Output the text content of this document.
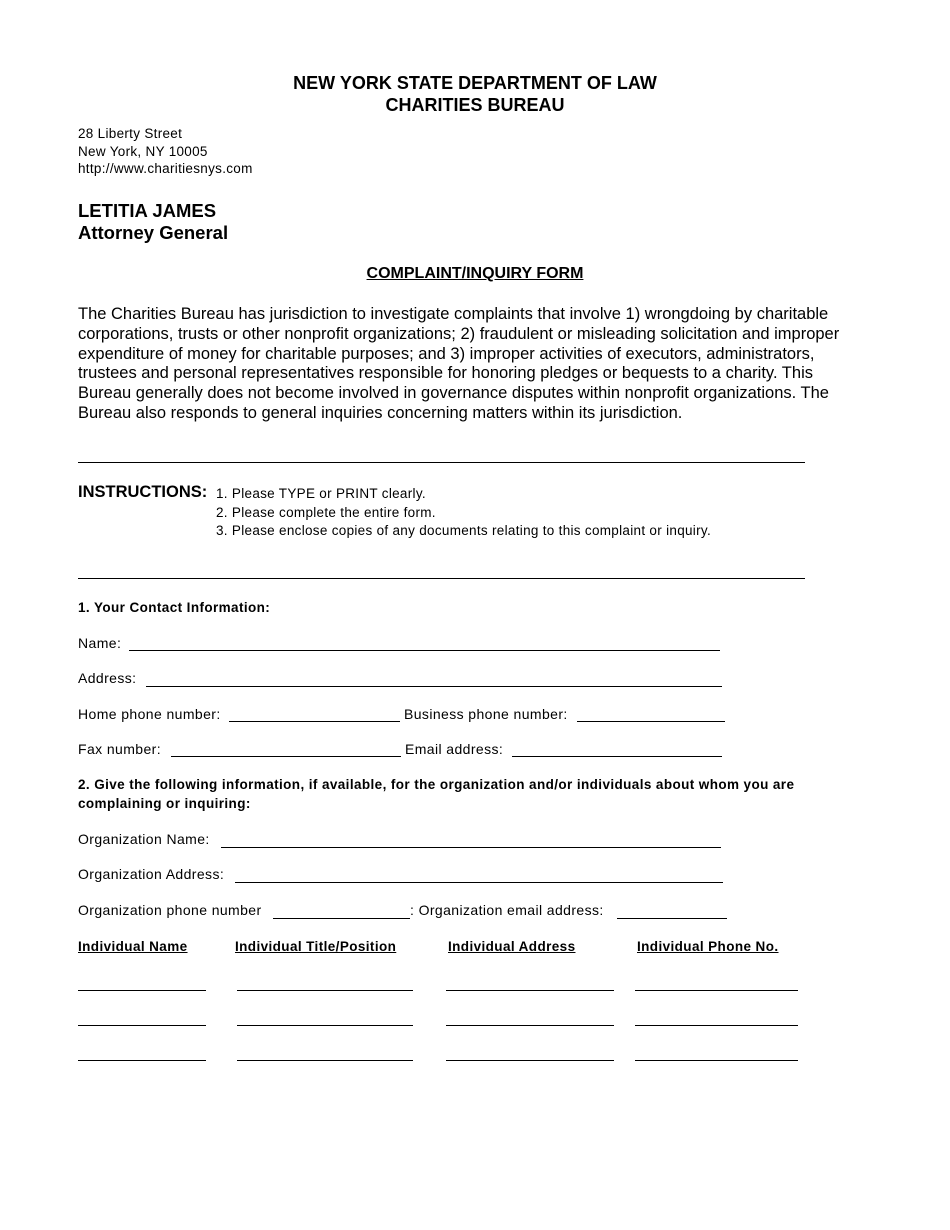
NEW YORK STATE DEPARTMENT OF LAW
CHARITIES BUREAU
28 Liberty Street
New York, NY 10005
http://www.charitiesnys.com
LETITIA JAMES
Attorney General
COMPLAINT/INQUIRY FORM
The Charities Bureau has jurisdiction to investigate complaints that involve 1) wrongdoing by charitable
corporations, trusts or other nonprofit organizations; 2) fraudulent or misleading solicitation and improper
expenditure of money for charitable purposes; and 3) improper activities of executors, administrators,
trustees and personal representatives responsible for honoring pledges or bequests to a charity. This
Bureau generally does not become involved in governance disputes within nonprofit organizations. The
Bureau also responds to general inquiries concerning matters within its jurisdiction.
INSTRUCTIONS: 1. Please TYPE or PRINT clearly.
2. Please complete the entire form.
3. Please enclose copies of any documents relating to this complaint or inquiry.
1. Your Contact Information:
Name:
Address:
Home phone number:	Business phone number:
Fax number:	Email address:
2. Give the following information, if available, for the organization and/or individuals about whom you are
complaining or inquiring:
Organization Name:
Organization Address:
Organization phone number	: Organization email address:
Individual Name	Individual Title/Position	Individual Address	Individual Phone No.
